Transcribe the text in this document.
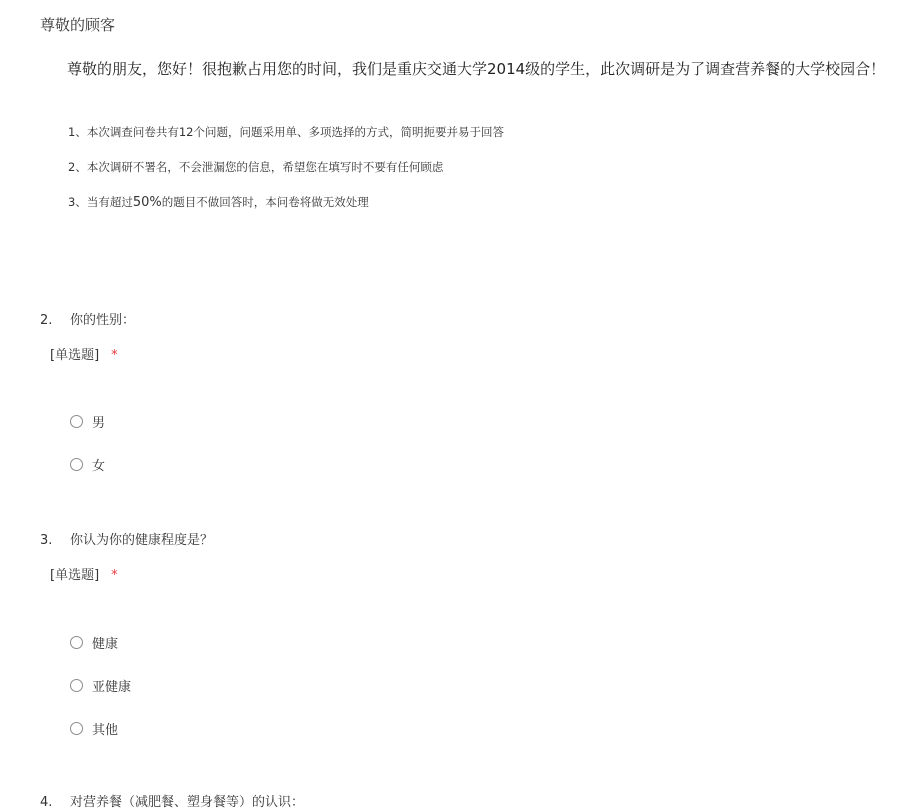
尊敬的顾客
尊敬的朋友，您好！很抱歉占用您的时间，我们是重庆交通大学2014级的学生，此次调研是为了调查营养餐的大学校园合！
1、本次调查问卷共有12个问题，问题采用单、多项选择的方式，简明扼要并易于回答
2、本次调研不署名，不会泄漏您的信息，希望您在填写时不要有任何顾虑
3、当有超过50%的题目不做回答时，本问卷将做无效处理
2. 你的性别：
[单选题] *
男
女
3. 你认为你的健康程度是？
[单选题] *
健康
亚健康
其他
4. 对营养餐（减肥餐、塑身餐等）的认识：
